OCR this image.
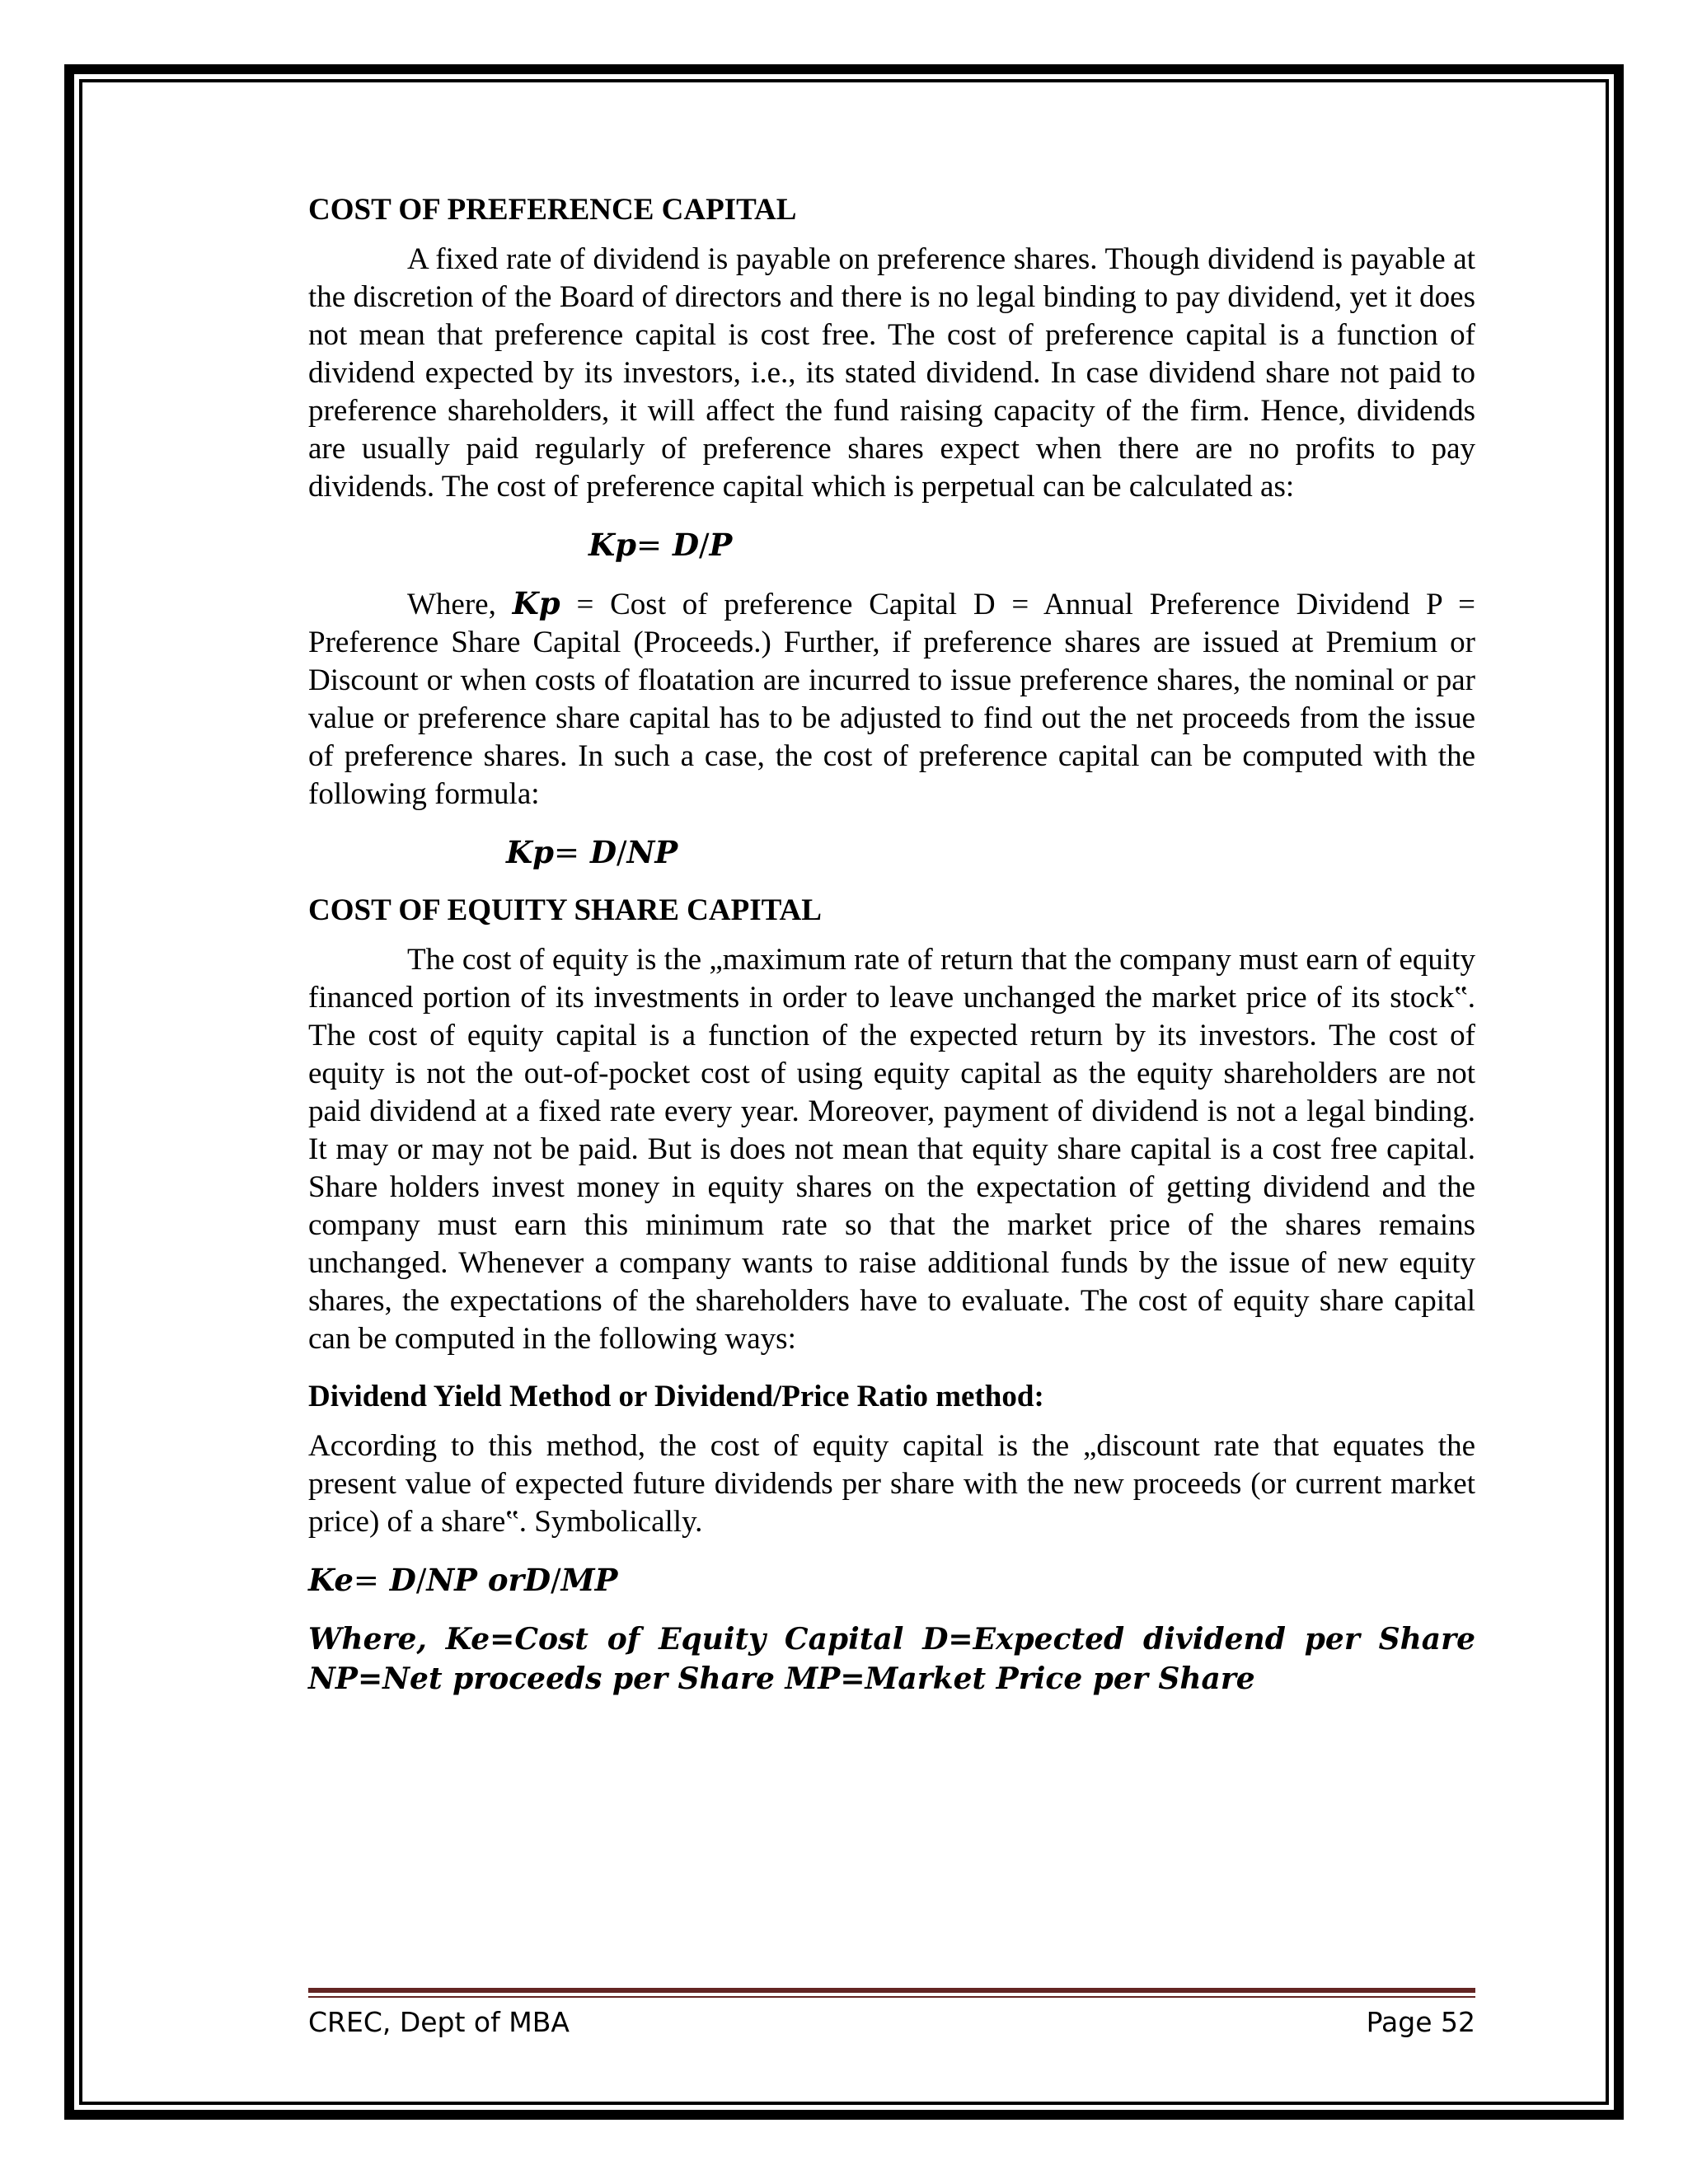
COST OF PREFERENCE CAPITAL

A fixed rate of dividend is payable on preference shares. Though dividend is payable at the discretion of the Board of directors and there is no legal binding to pay dividend, yet it does not mean that preference capital is cost free. The cost of preference capital is a function of dividend expected by its investors, i.e., its stated dividend. In case dividend share not paid to preference shareholders, it will affect the fund raising capacity of the firm. Hence, dividends are usually paid regularly of preference shares expect when there are no profits to pay dividends. The cost of preference capital which is perpetual can be calculated as:

Kp= D/P

Where, Kp = Cost of preference Capital D = Annual Preference Dividend P = Preference Share Capital (Proceeds.) Further, if preference shares are issued at Premium or Discount or when costs of floatation are incurred to issue preference shares, the nominal or par value or preference share capital has to be adjusted to find out the net proceeds from the issue of preference shares. In such a case, the cost of preference capital can be computed with the following formula:

Kp= D/NP
COST OF EQUITY SHARE CAPITAL

The cost of equity is the „maximum rate of return that the company must earn of equity financed portion of its investments in order to leave unchanged the market price of its stock‟. The cost of equity capital is a function of the expected return by its investors. The cost of equity is not the out-of-pocket cost of using equity capital as the equity shareholders are not paid dividend at a fixed rate every year. Moreover, payment of dividend is not a legal binding. It may or may not be paid. But is does not mean that equity share capital is a cost free capital. Share holders invest money in equity shares on the expectation of getting dividend and the company must earn this minimum rate so that the market price of the shares remains unchanged. Whenever a company wants to raise additional funds by the issue of new equity shares, the expectations of the shareholders have to evaluate. The cost of equity share capital can be computed in the following ways:

Dividend Yield Method or Dividend/Price Ratio method:

According to this method, the cost of equity capital is the „discount rate that equates the present value of expected future dividends per share with the new proceeds (or current market price) of a share‟. Symbolically.

Ke= D/NP orD/MP
Where, Ke=Cost of Equity Capital D=Expected dividend per Share NP=Net proceeds per Share MP=Market Price per Share
CREC, Dept of MBA	Page 52
